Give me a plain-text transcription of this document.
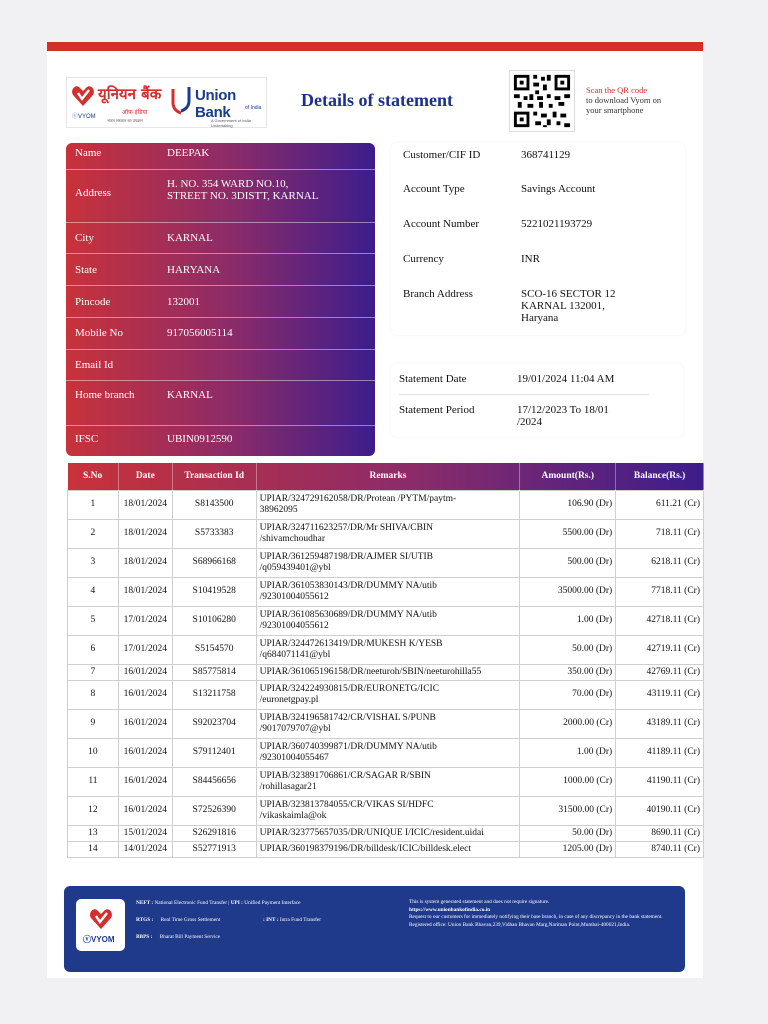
ⓥVYOM
यूनियन बैंक
ऑफ़ इंडिया
भारत सरकार का उपक्रम
Union Bank	of India
A Government of India Undertaking
Details of statement	Scan the QR code
to download Vyom on
your smartphone
Name	DEEPAK
Address
H. NO. 354 WARD NO.10,
STREET NO. 3DISTT, KARNAL
City	KARNAL
State	HARYANA
Pincode	132001
Mobile No	917056005114
Email Id
Home branch	KARNAL
IFSC	UBIN0912590
Customer/CIF ID	368741129
Account Type	Savings Account
Account Number	5221021193729
Currency	INR
Branch Address	SCO-16 SECTOR 12
KARNAL 132001,
Haryana
Statement Date	19/01/2024 11:04 AM
Statement Period	17/12/2023 To 18/01
/2024
S.No	Date	Transaction Id	Remarks	Amount(Rs.)	Balance(Rs.)
1	18/01/2024	S8143500	UPIAR/324729162058/DR/Protean /PYTM/paytm-
38962095	106.90 (Dr)	611.21 (Cr)
2	18/01/2024	S5733383	UPIAR/324711623257/DR/Mr SHIVA/CBIN
/shivamchoudhar	5500.00 (Dr)	718.11 (Cr)
3	18/01/2024	S68966168	UPIAR/361259487198/DR/AJMER SI/UTIB
/q059439401@ybl	500.00 (Dr)	6218.11 (Cr)
4	18/01/2024	S10419528	UPIAR/361053830143/DR/DUMMY NA/utib
/92301004055612	35000.00 (Dr)	7718.11 (Cr)
5	17/01/2024	S10106280	UPIAR/361085630689/DR/DUMMY NA/utib
/92301004055612	1.00 (Dr)	42718.11 (Cr)
6	17/01/2024	S5154570	UPIAR/324472613419/DR/MUKESH K/YESB
/q684071141@ybl	50.00 (Dr)	42719.11 (Cr)
7	16/01/2024	S85775814	UPIAR/361065196158/DR/neeturoh/SBIN/neeturohilla55	350.00 (Dr)	42769.11 (Cr)
8	16/01/2024	S13211758	UPIAR/324224930815/DR/EURONETG/ICIC
/euronetgpay.pl	70.00 (Dr)	43119.11 (Cr)
9	16/01/2024	S92023704	UPIAB/324196581742/CR/VISHAL S/PUNB
/9017079707@ybl	2000.00 (Cr)	43189.11 (Cr)
10	16/01/2024	S79112401	UPIAR/360740399871/DR/DUMMY NA/utib
/92301004055467	1.00 (Dr)	41189.11 (Cr)
11	16/01/2024	S84456656	UPIAB/323891706861/CR/SAGAR R/SBIN
/rohillasagar21	1000.00 (Cr)	41190.11 (Cr)
12	16/01/2024	S72526390	UPIAB/323813784055/CR/VIKAS SI/HDFC
/vikaskaimla@ok	31500.00 (Cr)	40190.11 (Cr)
13	15/01/2024	S26291816	UPIAR/323775657035/DR/UNIQUE I/ICIC/resident.uidai	50.00 (Dr)	8690.11 (Cr)
14	14/01/2024	S52771913	UPIAR/360198379196/DR/billdesk/ICIC/billdesk.elect	1205.00 (Dr)	8740.11 (Cr)
ⓥVYOM
NEFT : National Electronic Fund Transfer | UPI : Unified Payment Interface
RTGS : Real Time Gross Settlement	: INT : Intra Fund Transfer
BBPS : Bharat Bill Payment Service
This is system generated statement and does not require signature.
https://www.unionbankofindia.co.in
Request to our customers for immediately notifying their base branch, in case of any discrepancy in the bank statement.
Registered office: Union Bank Bhavan,239,Vidhan Bhavan Marg,Nariman Point,Mumbai-400021,India.
